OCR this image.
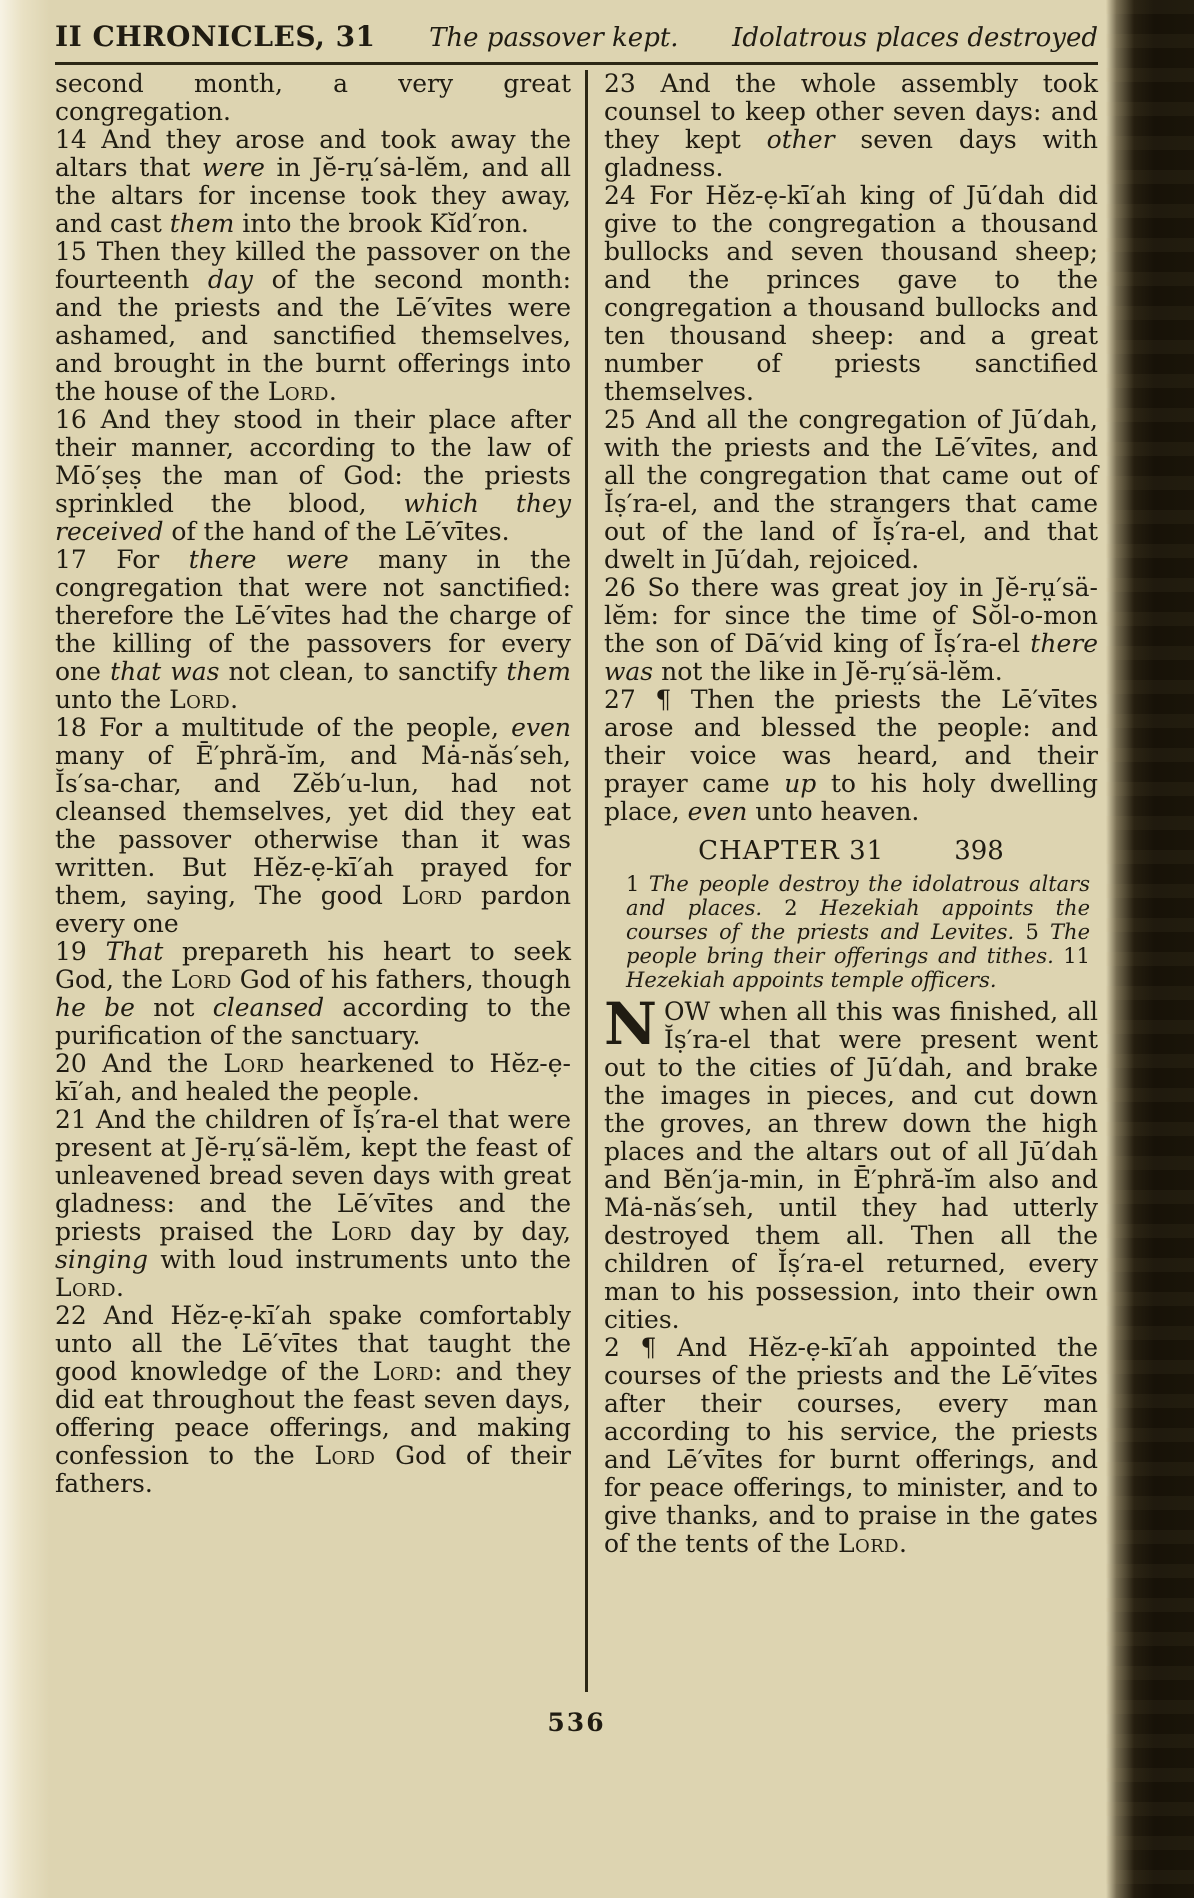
II CHRONICLES, 31 The passover kept. Idolatrous places destroyed

second month, a very great congregation.

14 And they arose and took away the altars that were in Jĕ-rṳ′sȧ-lĕm, and all the altars for incense took they away, and cast them into the brook Kĭd′ron.

15 Then they killed the passover on the fourteenth day of the second month: and the priests and the Lē′vītes were ashamed, and sanctified themselves, and brought in the burnt offerings into the house of the Lord.

16 And they stood in their place after their manner, according to the law of Mō′ṣeṣ the man of God: the priests sprinkled the blood, which they received of the hand of the Lē′vītes.

17 For there were many in the congregation that were not sanctified: therefore the Lē′vītes had the charge of the killing of the passovers for every one that was not clean, to sanctify them unto the Lord.

18 For a multitude of the people, even many of Ē′phră-ĭm, and Mȧ-năs′seh, Ĭs′sa-char, and Zĕb′u-lun, had not cleansed themselves, yet did they eat the passover otherwise than it was written. But Hĕz-ẹ-kī′ah prayed for them, saying, The good Lord pardon every one

19 That prepareth his heart to seek God, the Lord God of his fathers, though he be not cleansed according to the purification of the sanctuary.

20 And the Lord hearkened to Hĕz-ẹ-kī′ah, and healed the people.

21 And the children of Ĭṣ′ra-el that were present at Jĕ-rṳ′sä-lĕm, kept the feast of unleavened bread seven days with great gladness: and the Lē′vītes and the priests praised the Lord day by day, singing with loud instruments unto the Lord.

22 And Hĕz-ẹ-kī′ah spake comfortably unto all the Lē′vītes that taught the good knowledge of the Lord: and they did eat throughout the feast seven days, offering peace offerings, and making confession to the Lord God of their fathers.

23 And the whole assembly took counsel to keep other seven days: and they kept other seven days with gladness.

24 For Hĕz-ẹ-kī′ah king of Jū′dah did give to the congregation a thousand bullocks and seven thousand sheep; and the princes gave to the congregation a thousand bullocks and ten thousand sheep: and a great number of priests sanctified themselves.

25 And all the congregation of Jū′dah, with the priests and the Lē′vītes, and all the congregation that came out of Ĭṣ′ra-el, and the strangers that came out of the land of Ĭṣ′ra-el, and that dwelt in Jū′dah, rejoiced.

26 So there was great joy in Jĕ-rṳ′sä-lĕm: for since the time of Sŏl-o-mon the son of Dā′vid king of Ĭṣ′ra-el there was not the like in Jĕ-rṳ′sä-lĕm.

27 ¶ Then the priests the Lē′vītes arose and blessed the people: and their voice was heard, and their prayer came up to his holy dwelling place, even unto heaven.

CHAPTER 31	398

1 The people destroy the idolatrous altars and places. 2 Hezekiah appoints the courses of the priests and Levites. 5 The people bring their offerings and tithes. 11 Hezekiah appoints temple officers.

NOW when all this was finished, all Ĭṣ′ra-el that were present went out to the cities of Jū′dah, and brake the images in pieces, and cut down the groves, an threw down the high places and the altars out of all Jū′dah and Bĕn′ja-min, in Ē′phră-ĭm also and Mȧ-năs′seh, until they had utterly destroyed them all. Then all the children of Ĭṣ′ra-el returned, every man to his possession, into their own cities.

2 ¶ And Hĕz-ẹ-kī′ah appointed the courses of the priests and the Lē′vītes after their courses, every man according to his service, the priests and Lē′vītes for burnt offerings, and for peace offerings, to minister, and to give thanks, and to praise in the gates of the tents of the Lord.

536
